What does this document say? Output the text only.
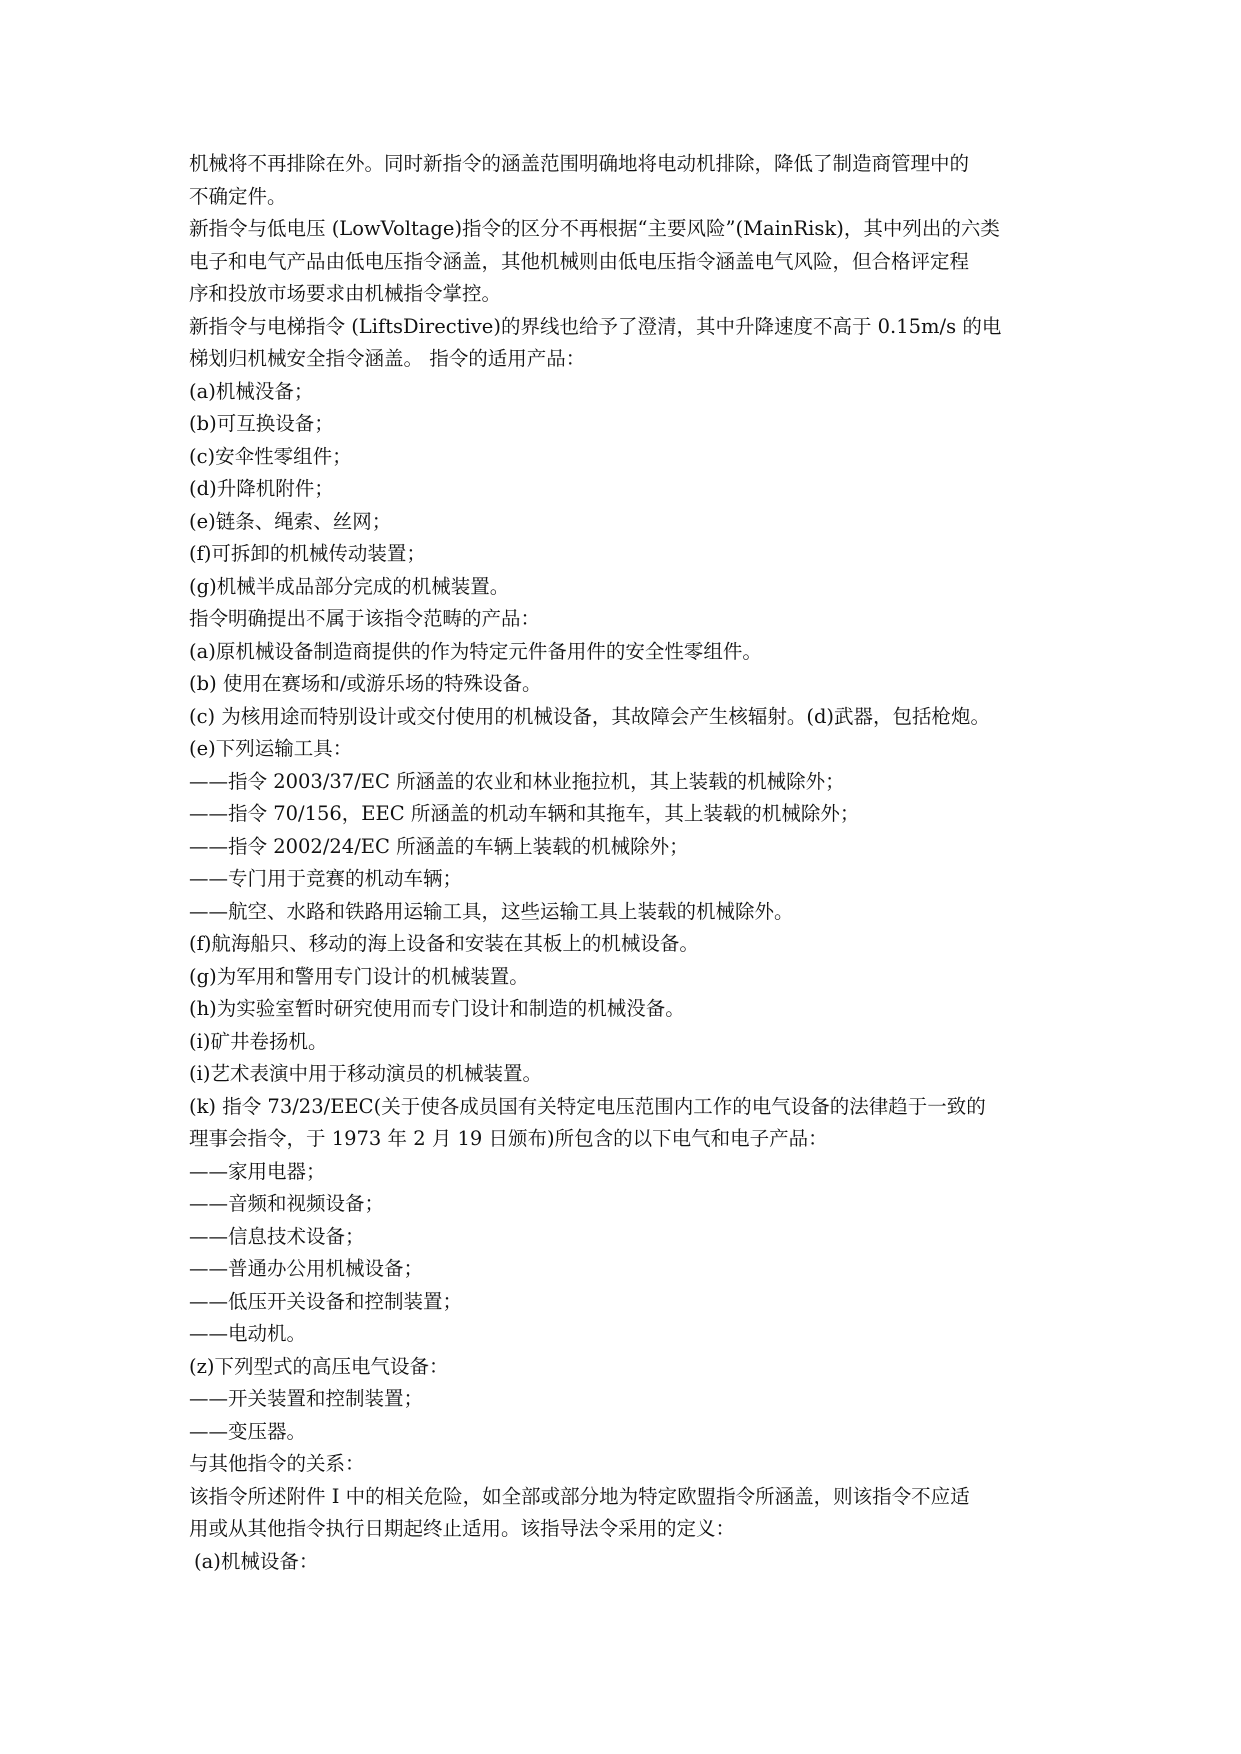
机械将不再排除在外。同时新指令的涵盖范围明确地将电动机排除，降低了制造商管理中的
不确定件。
新指令与低电压 (LowVoltage)指令的区分不再根据“主要风险”(MainRisk)，其中列出的六类
电子和电气产品由低电压指令涵盖，其他机械则由低电压指令涵盖电气风险，但合格评定程
序和投放市场要求由机械指令掌控。
新指令与电梯指令 (LiftsDirective)的界线也给予了澄清，其中升降速度不高于 0.15m/s 的电
梯划归机械安全指令涵盖。 指令的适用产品：
(a)机械没备；
(b)可互换设备；
(c)安伞性零组件；
(d)升降机附件；
(e)链条、绳索、丝网；
(f)可拆卸的机械传动装置；
(g)机械半成品部分完成的机械装置。
指令明确提出不属于该指令范畴的产品：
(a)原机械设备制造商提供的作为特定元件备用件的安全性零组件。
(b) 使用在赛场和/或游乐场的特殊设备。
(c) 为核用途而特别设计或交付使用的机械设备，其故障会产生核辐射。(d)武器，包括枪炮。
(e)下列运输工具：
——指令 2003/37/EC 所涵盖的农业和林业拖拉机，其上装载的机械除外；
——指令 70/156，EEC 所涵盖的机动车辆和其拖车，其上装载的机械除外；
——指令 2002/24/EC 所涵盖的车辆上装载的机械除外；
——专门用于竞赛的机动车辆；
——航空、水路和铁路用运输工具，这些运输工具上装载的机械除外。
(f)航海船只、移动的海上设备和安装在其板上的机械设备。
(g)为军用和警用专门设计的机械装置。
(h)为实验室暂时研究使用而专门设计和制造的机械没备。
(i)矿井卷扬机。
(i)艺术表演中用于移动演员的机械装置。
(k) 指令 73/23/EEC(关于使各成员国有关特定电压范围内工作的电气设备的法律趋于一致的
理事会指令，于 1973 年 2 月 19 日颁布)所包含的以下电气和电子产品：
——家用电器；
——音频和视频设备；
——信息技术设备；
——普通办公用机械设备；
——低压开关设备和控制装置；
——电动机。
(z)下列型式的高压电气设备：
——开关装置和控制装置；
——变压器。
与其他指令的关系：
该指令所述附件 I 中的相关危险，如全部或部分地为特定欧盟指令所涵盖，则该指令不应适
用或从其他指令执行日期起终止适用。该指导法令采用的定义：
(a)机械设备：
